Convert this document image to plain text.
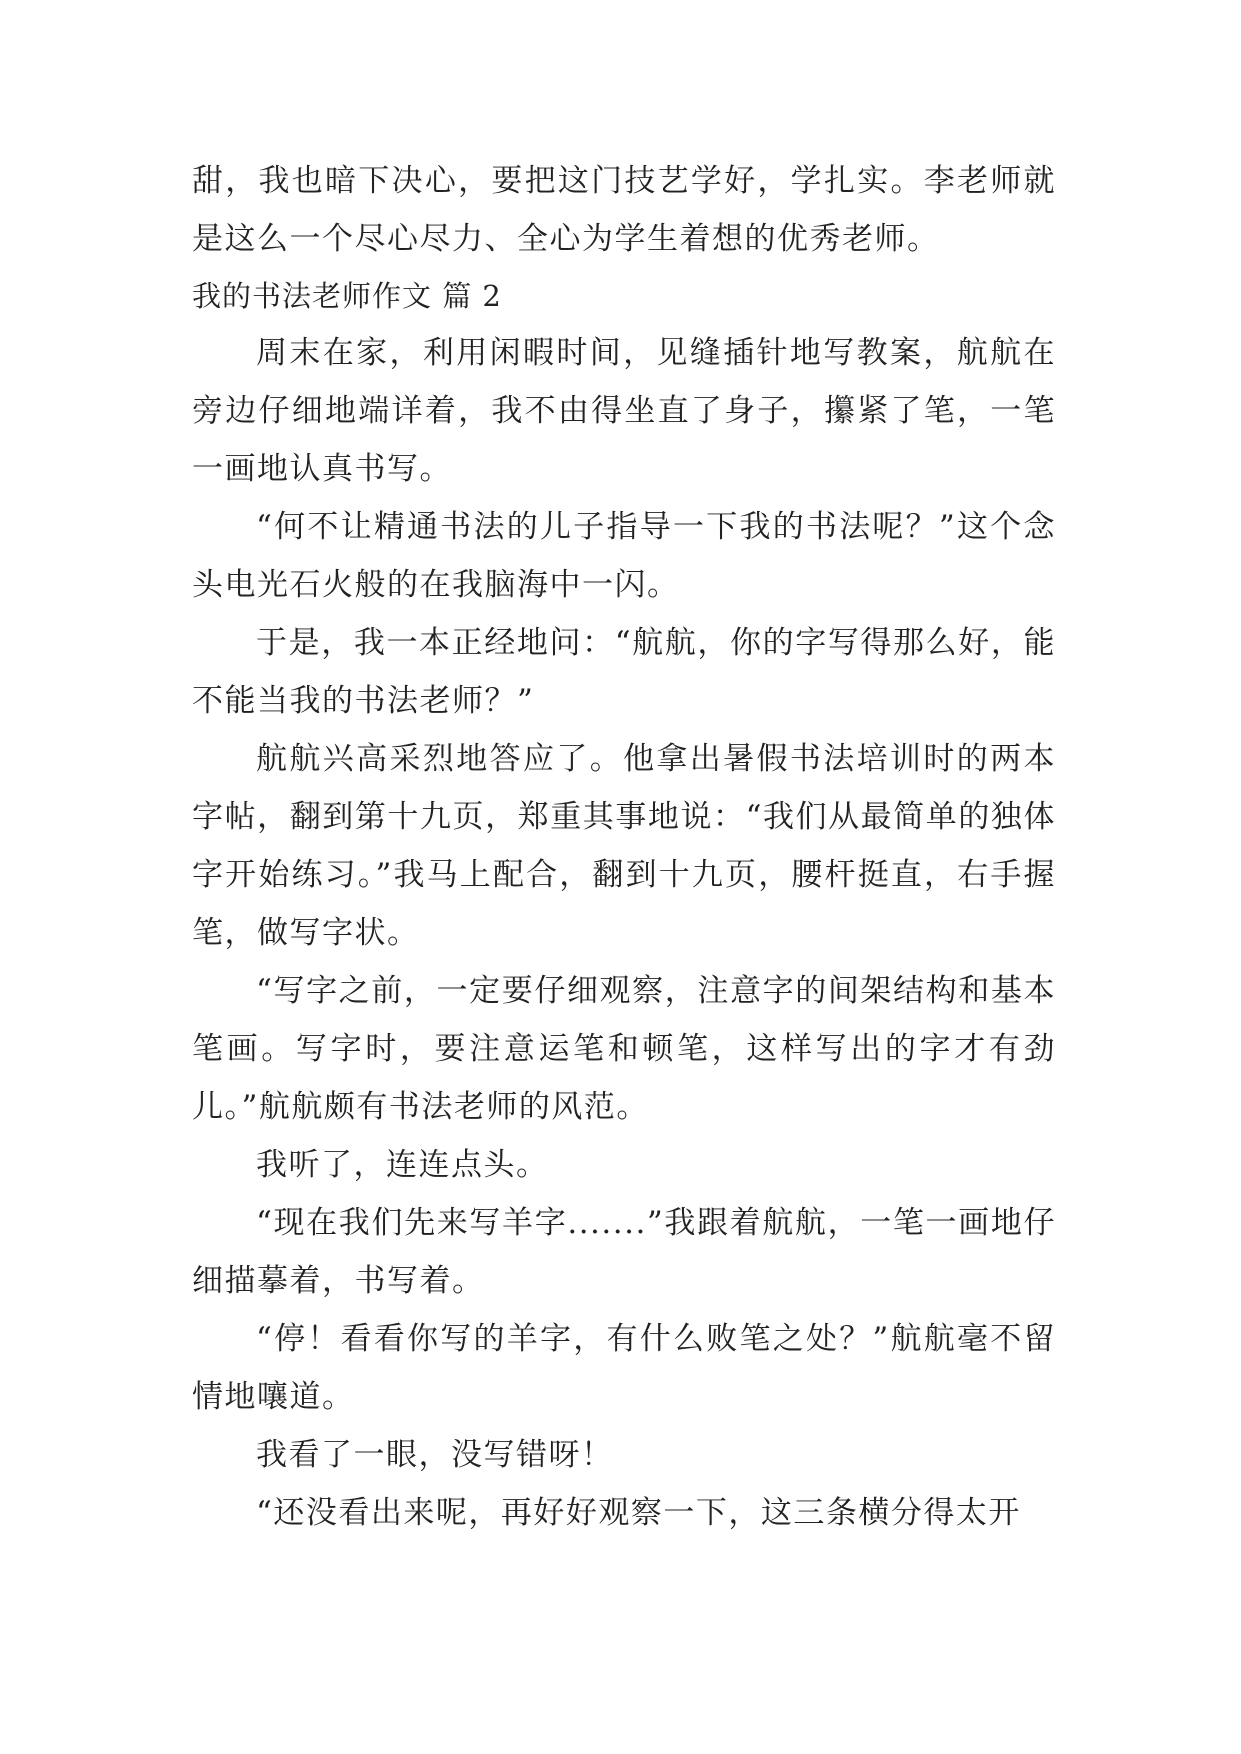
甜，我也暗下决心，要把这门技艺学好，学扎实。李老师就是这么一个尽心尽力、全心为学生着想的优秀老师。

我的书法老师作文 篇 2

周末在家，利用闲暇时间，见缝插针地写教案，航航在旁边仔细地端详着，我不由得坐直了身子，攥紧了笔，一笔一画地认真书写。

“何不让精通书法的儿子指导一下我的书法呢？”这个念头电光石火般的在我脑海中一闪。

于是，我一本正经地问：“航航，你的字写得那么好，能不能当我的书法老师？”

航航兴高采烈地答应了。他拿出暑假书法培训时的两本字帖，翻到第十九页，郑重其事地说：“我们从最简单的独体字开始练习。”我马上配合，翻到十九页，腰杆挺直，右手握笔，做写字状。

“写字之前，一定要仔细观察，注意字的间架结构和基本笔画。写字时，要注意运笔和顿笔，这样写出的字才有劲儿。”航航颇有书法老师的风范。

我听了，连连点头。

“现在我们先来写羊字.......”我跟着航航，一笔一画地仔细描摹着，书写着。

“停！看看你写的羊字，有什么败笔之处？”航航毫不留情地嚷道。

我看了一眼，没写错呀！

“还没看出来呢，再好好观察一下，这三条横分得太开
